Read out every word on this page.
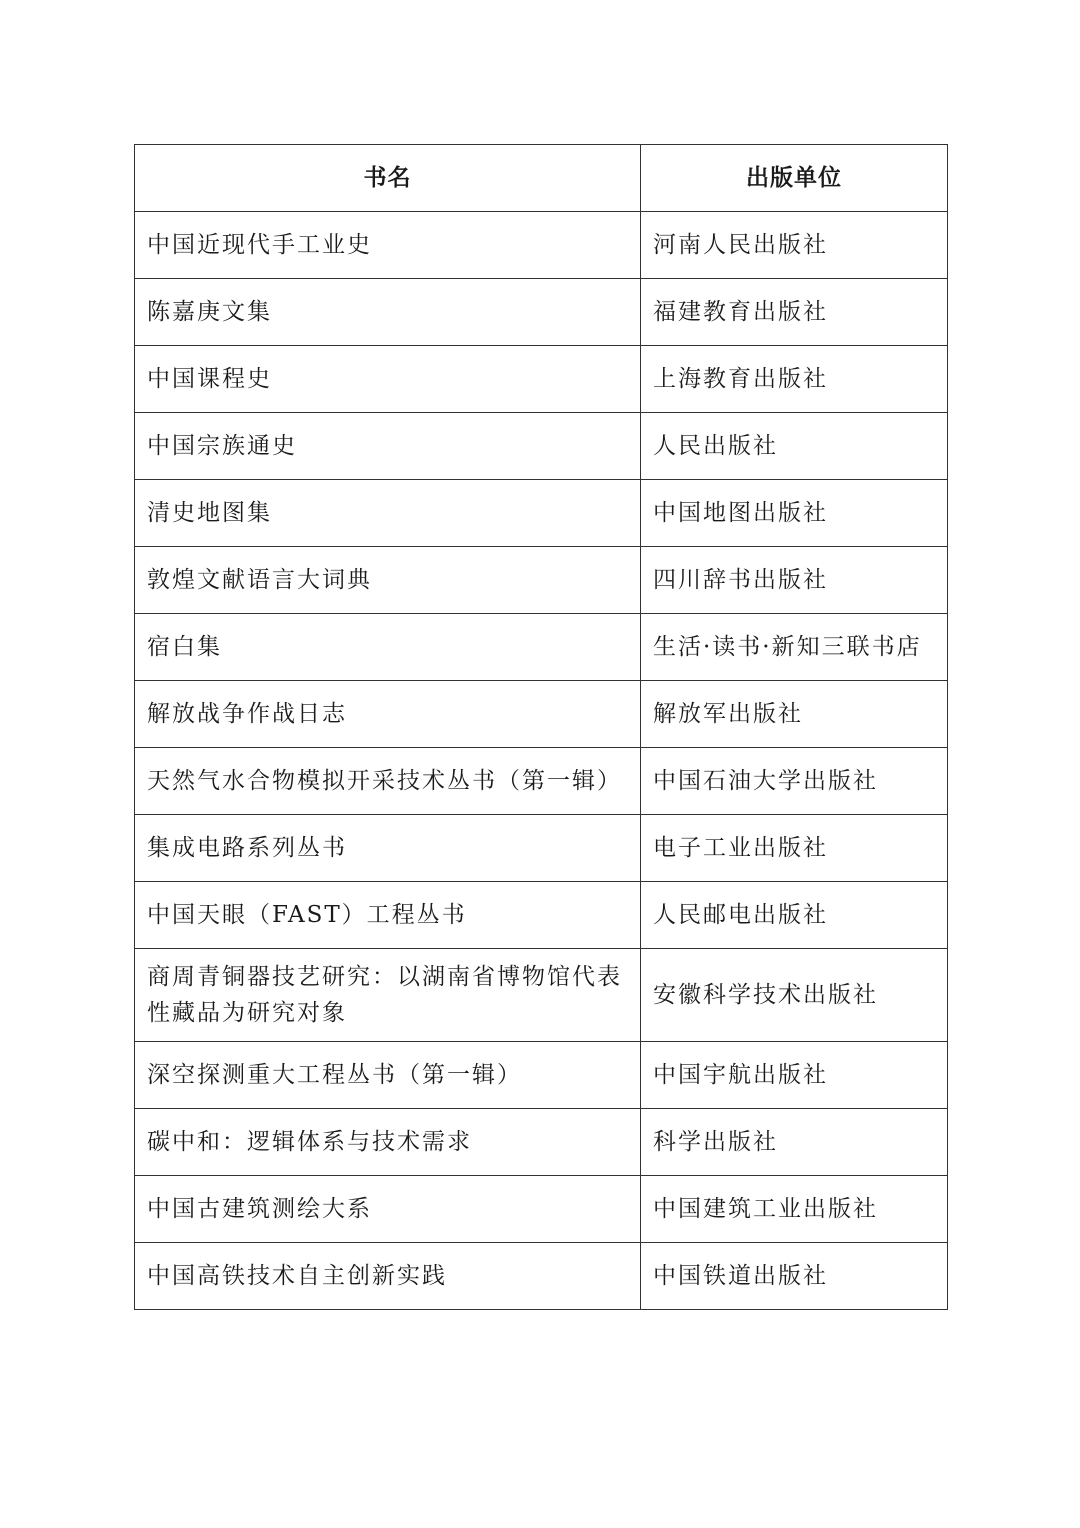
书名	出版单位
中国近现代手工业史	河南人民出版社
陈嘉庚文集	福建教育出版社
中国课程史	上海教育出版社
中国宗族通史	人民出版社
清史地图集	中国地图出版社
敦煌文献语言大词典	四川辞书出版社
宿白集	生活·读书·新知三联书店
解放战争作战日志	解放军出版社
天然气水合物模拟开采技术丛书（第一辑）	中国石油大学出版社
集成电路系列丛书	电子工业出版社
中国天眼（FAST）工程丛书	人民邮电出版社
商周青铜器技艺研究：以湖南省博物馆代表性藏品为研究对象	安徽科学技术出版社
深空探测重大工程丛书（第一辑）	中国宇航出版社
碳中和：逻辑体系与技术需求	科学出版社
中国古建筑测绘大系	中国建筑工业出版社
中国高铁技术自主创新实践	中国铁道出版社
